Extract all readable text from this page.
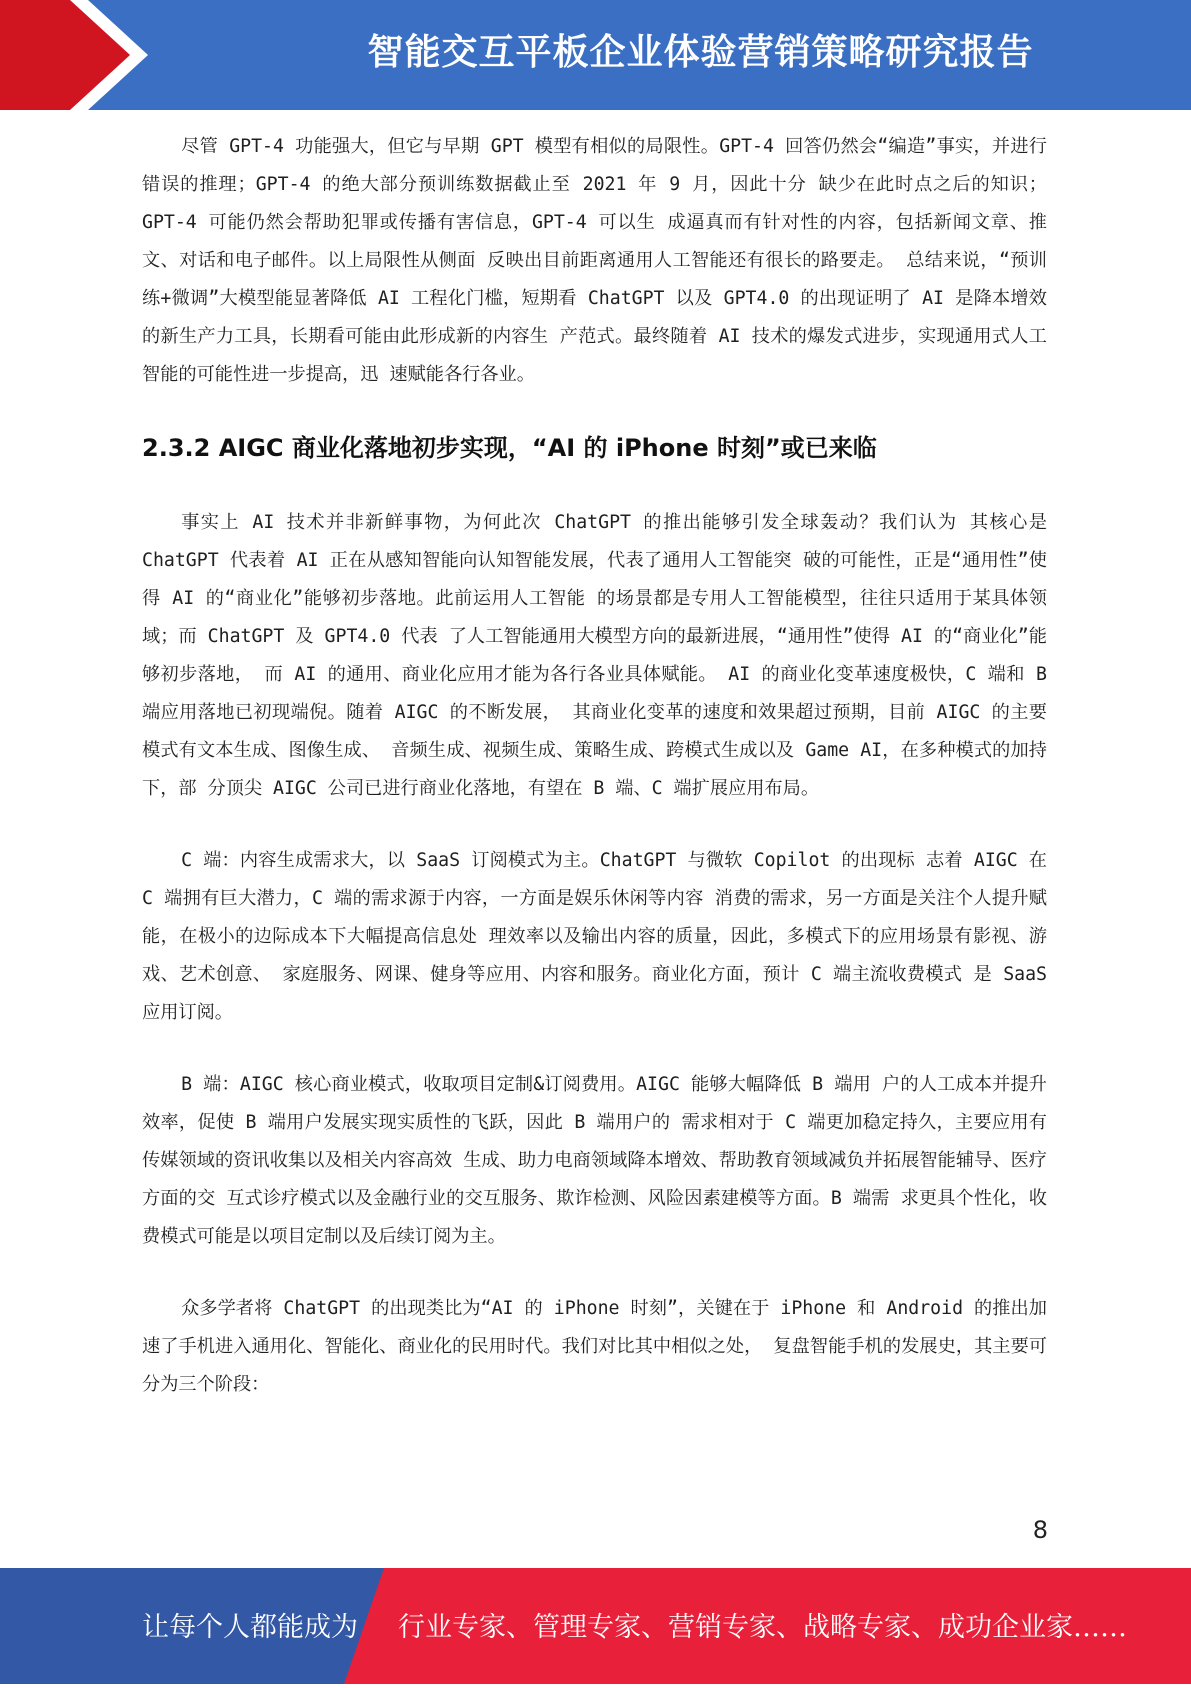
智能交互平板企业体验营销策略研究报告

尽管 GPT-4 功能强大，但它与早期 GPT 模型有相似的局限性。GPT-4 回答仍然会“编造”事实，并进行错误的推理；GPT-4 的绝大部分预训练数据截止至 2021 年 9 月，因此十分 缺少在此时点之后的知识；GPT-4 可能仍然会帮助犯罪或传播有害信息，GPT-4 可以生 成逼真而有针对性的内容，包括新闻文章、推文、对话和电子邮件。以上局限性从侧面 反映出目前距离通用人工智能还有很长的路要走。 总结来说，“预训练+微调”大模型能显著降低 AI 工程化门槛，短期看 ChatGPT 以及 GPT4.0 的出现证明了 AI 是降本增效的新生产力工具，长期看可能由此形成新的内容生 产范式。最终随着 AI 技术的爆发式进步，实现通用式人工智能的可能性进一步提高，迅 速赋能各行各业。

2.3.2 AIGC 商业化落地初步实现，“AI 的 iPhone 时刻”或已来临

事实上 AI 技术并非新鲜事物，为何此次 ChatGPT 的推出能够引发全球轰动？我们认为 其核心是 ChatGPT 代表着 AI 正在从感知智能向认知智能发展，代表了通用人工智能突 破的可能性，正是“通用性”使得 AI 的“商业化”能够初步落地。此前运用人工智能 的场景都是专用人工智能模型，往往只适用于某具体领域；而 ChatGPT 及 GPT4.0 代表 了人工智能通用大模型方向的最新进展，“通用性”使得 AI 的“商业化”能够初步落地， 而 AI 的通用、商业化应用才能为各行各业具体赋能。 AI 的商业化变革速度极快，C 端和 B 端应用落地已初现端倪。随着 AIGC 的不断发展， 其商业化变革的速度和效果超过预期，目前 AIGC 的主要模式有文本生成、图像生成、 音频生成、视频生成、策略生成、跨模式生成以及 Game AI，在多种模式的加持下，部 分顶尖 AIGC 公司已进行商业化落地，有望在 B 端、C 端扩展应用布局。

C 端：内容生成需求大，以 SaaS 订阅模式为主。ChatGPT 与微软 Copilot 的出现标 志着 AIGC 在 C 端拥有巨大潜力，C 端的需求源于内容，一方面是娱乐休闲等内容 消费的需求，另一方面是关注个人提升赋能，在极小的边际成本下大幅提高信息处 理效率以及输出内容的质量，因此，多模式下的应用场景有影视、游戏、艺术创意、 家庭服务、网课、健身等应用、内容和服务。商业化方面，预计 C 端主流收费模式 是 SaaS 应用订阅。

B 端：AIGC 核心商业模式，收取项目定制&订阅费用。AIGC 能够大幅降低 B 端用 户的人工成本并提升效率，促使 B 端用户发展实现实质性的飞跃，因此 B 端用户的 需求相对于 C 端更加稳定持久，主要应用有传媒领域的资讯收集以及相关内容高效 生成、助力电商领域降本增效、帮助教育领域减负并拓展智能辅导、医疗方面的交 互式诊疗模式以及金融行业的交互服务、欺诈检测、风险因素建模等方面。B 端需 求更具个性化，收费模式可能是以项目定制以及后续订阅为主。

众多学者将 ChatGPT 的出现类比为“AI 的 iPhone 时刻”，关键在于 iPhone 和 Android 的推出加速了手机进入通用化、智能化、商业化的民用时代。我们对比其中相似之处， 复盘智能手机的发展史，其主要可分为三个阶段：

8
让每个人都能成为 行业专家、管理专家、营销专家、战略专家、成功企业家……
